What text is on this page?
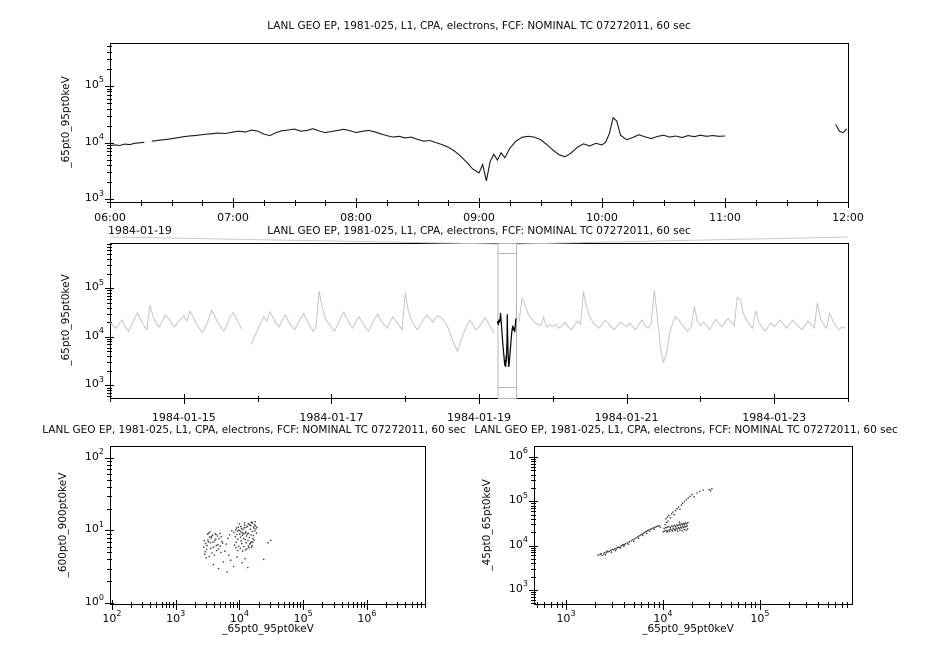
LANL GEO EP, 1981-025, L1, CPA, electrons, FCF: NOMINAL TC 07272011, 60 sec
LANL GEO EP, 1981-025, L1, CPA, electrons, FCF: NOMINAL TC 07272011, 60 sec
LANL GEO EP, 1981-025, L1, CPA, electrons, FCF: NOMINAL TC 07272011, 60 sec LANL GEO EP, 1981-025, L1, CPA, electrons, FCF: NOMINAL TC 07272011, 60 sec
1984-01-19
_65pt0_95pt0keV
_65pt0_95pt0keV
_600pt0_900pt0keV	_45pt0_65pt0keV
_65pt0_95pt0keV	_65pt0_95pt0keV
$10^3$
$10^4$
$10^5$
06:00	07:00	08:00	09:00	10:00	11:00	12:00
$10^3$
$10^4$
$10^5$
1984-01-15	1984-01-17	1984-01-19	1984-01-21	1984-01-23
$10^0$
$10^1$
$10^2$
$10^2$	$10^3$	$10^4$	$10^5$	$10^6$
$10^3$
$10^4$
$10^5$
$10^6$
$10^3$	$10^4$	$10^5$
